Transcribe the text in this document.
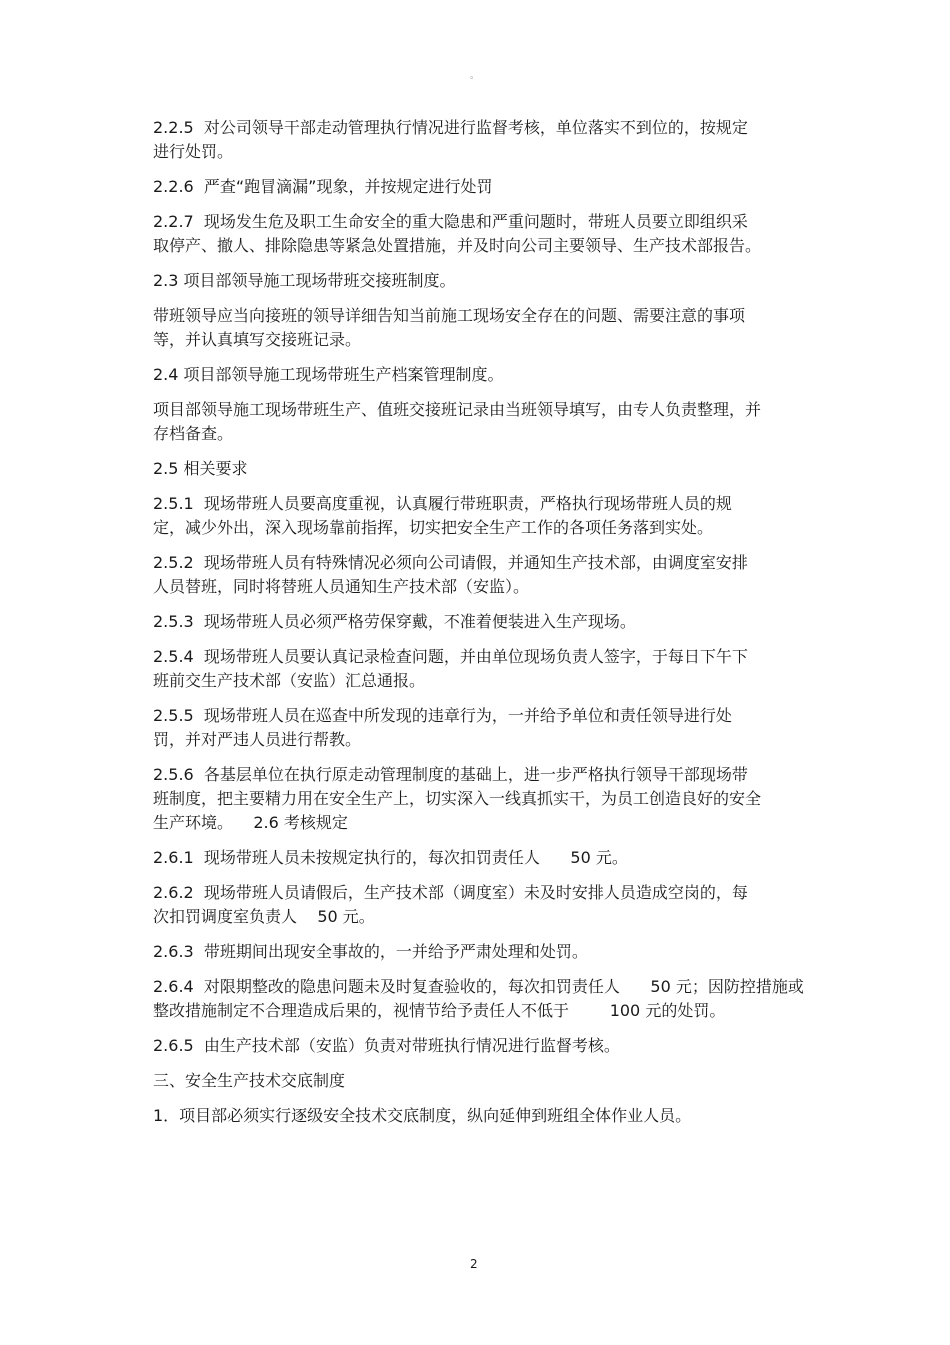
。

2.2.5  对公司领导干部走动管理执行情况进行监督考核，单位落实不到位的，按规定进行处罚。

2.2.6  严查“跑冒滴漏”现象，并按规定进行处罚

2.2.7  现场发生危及职工生命安全的重大隐患和严重问题时，带班人员要立即组织采取停产、撤人、排除隐患等紧急处置措施，并及时向公司主要领导、生产技术部报告。

2.3 项目部领导施工现场带班交接班制度。

带班领导应当向接班的领导详细告知当前施工现场安全存在的问题、需要注意的事项等，并认真填写交接班记录。

2.4 项目部领导施工现场带班生产档案管理制度。

项目部领导施工现场带班生产、值班交接班记录由当班领导填写，由专人负责整理，并存档备查。

2.5 相关要求

2.5.1  现场带班人员要高度重视，认真履行带班职责，严格执行现场带班人员的规定，减少外出，深入现场靠前指挥，切实把安全生产工作的各项任务落到实处。

2.5.2  现场带班人员有特殊情况必须向公司请假，并通知生产技术部，由调度室安排人员替班，同时将替班人员通知生产技术部（安监）。

2.5.3  现场带班人员必须严格劳保穿戴，不准着便装进入生产现场。

2.5.4  现场带班人员要认真记录检查问题，并由单位现场负责人签字，于每日下午下班前交生产技术部（安监）汇总通报。

2.5.5  现场带班人员在巡查中所发现的违章行为，一并给予单位和责任领导进行处罚，并对严违人员进行帮教。

2.5.6  各基层单位在执行原走动管理制度的基础上，进一步严格执行领导干部现场带班制度，把主要精力用在安全生产上，切实深入一线真抓实干，为员工创造良好的安全生产环境。    2.6 考核规定

2.6.1  现场带班人员未按规定执行的，每次扣罚责任人      50 元。

2.6.2  现场带班人员请假后，生产技术部（调度室）未及时安排人员造成空岗的，每次扣罚调度室负责人    50 元。

2.6.3  带班期间出现安全事故的，一并给予严肃处理和处罚。

2.6.4  对限期整改的隐患问题未及时复查验收的，每次扣罚责任人      50 元；因防控措施或整改措施制定不合理造成后果的，视情节给予责任人不低于        100 元的处罚。

2.6.5  由生产技术部（安监）负责对带班执行情况进行监督考核。

三、安全生产技术交底制度

1．项目部必须实行逐级安全技术交底制度，纵向延伸到班组全体作业人员。

2
